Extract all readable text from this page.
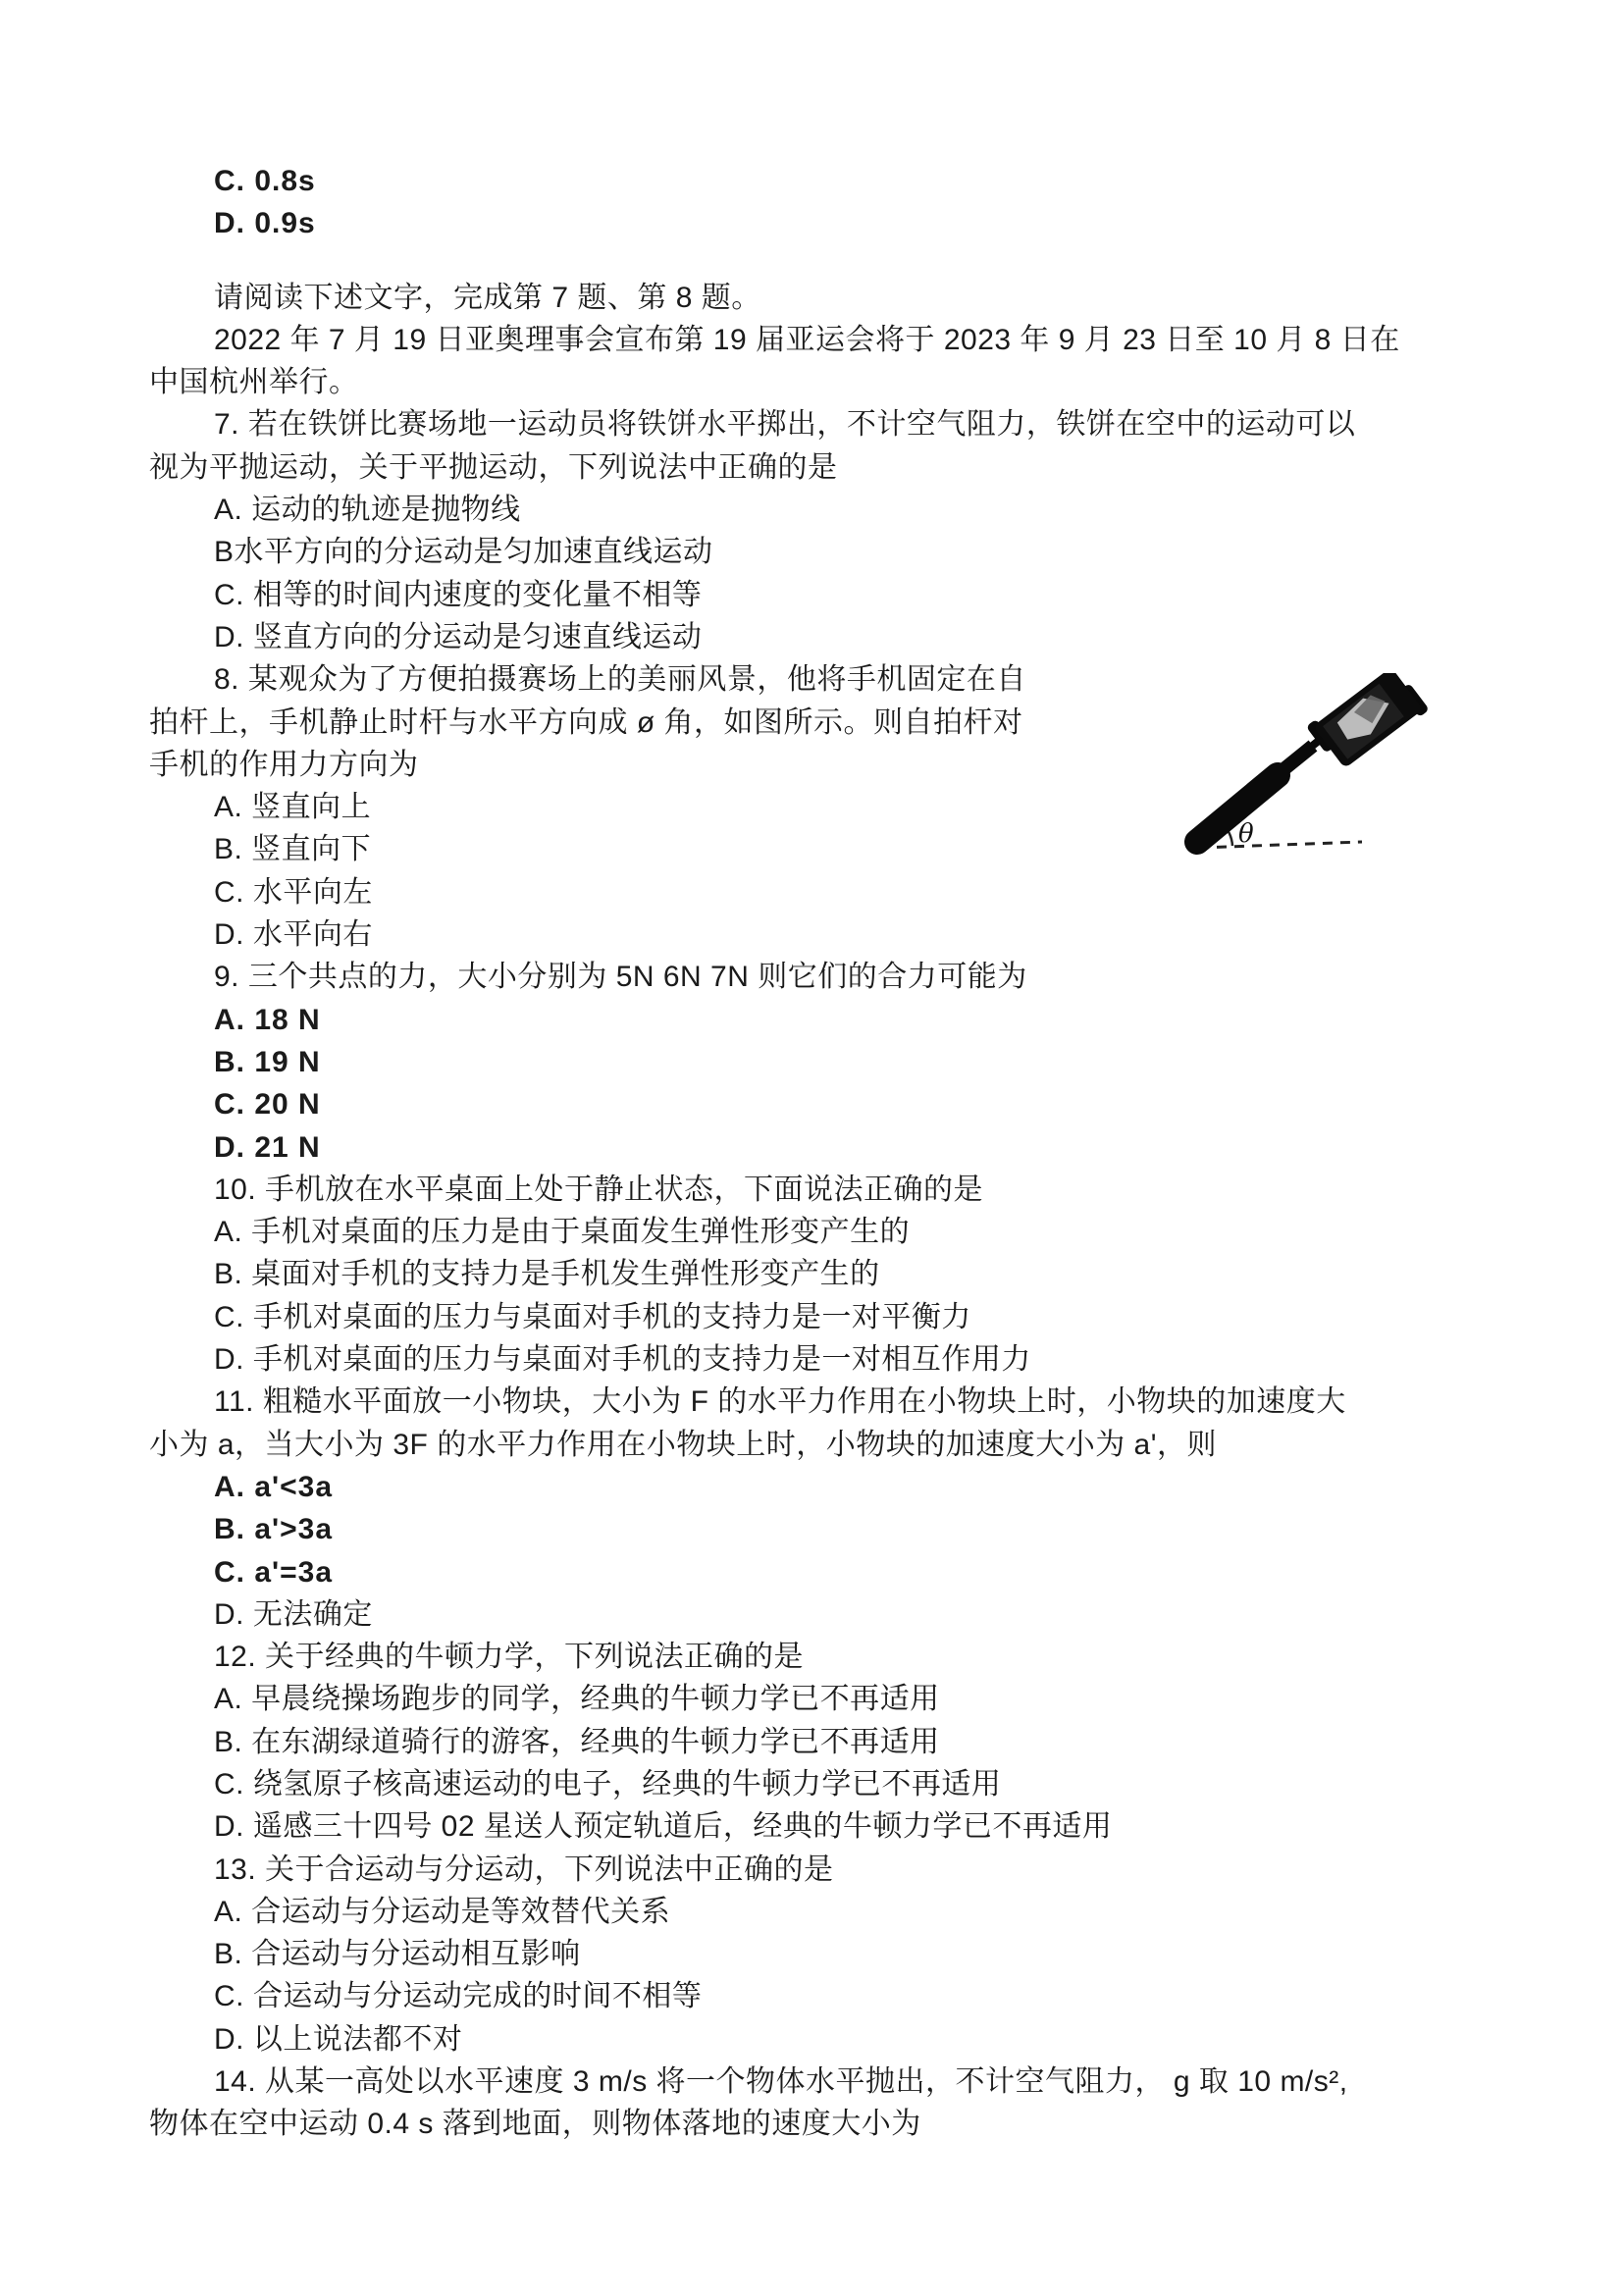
C. 0.8s
D. 0.9s
请阅读下述文字，完成第 7 题、第 8 题。
2022 年 7 月 19 日亚奥理事会宣布第 19 届亚运会将于 2023 年 9 月 23 日至 10 月 8 日在
中国杭州举行。
7. 若在铁饼比赛场地一运动员将铁饼水平掷出，不计空气阻力，铁饼在空中的运动可以
视为平抛运动，关于平抛运动，下列说法中正确的是
A. 运动的轨迹是抛物线
B水平方向的分运动是匀加速直线运动
C. 相等的时间内速度的变化量不相等
D. 竖直方向的分运动是匀速直线运动
8. 某观众为了方便拍摄赛场上的美丽风景，他将手机固定在自
拍杆上，手机静止时杆与水平方向成 ø 角，如图所示。则自拍杆对
手机的作用力方向为
A. 竖直向上
B. 竖直向下
C. 水平向左
D. 水平向右
9. 三个共点的力，大小分别为 5N 6N 7N 则它们的合力可能为
A. 18 N
B. 19 N
C. 20 N
D. 21 N
10. 手机放在水平桌面上处于静止状态，下面说法正确的是
A. 手机对桌面的压力是由于桌面发生弹性形变产生的
B. 桌面对手机的支持力是手机发生弹性形变产生的
C. 手机对桌面的压力与桌面对手机的支持力是一对平衡力
D. 手机对桌面的压力与桌面对手机的支持力是一对相互作用力
11. 粗糙水平面放一小物块，大小为 F 的水平力作用在小物块上时，小物块的加速度大
小为 a，当大小为 3F 的水平力作用在小物块上时，小物块的加速度大小为 a'，则
A. a'<3a
B. a'>3a
C. a'=3a
D. 无法确定
12. 关于经典的牛顿力学，下列说法正确的是
A. 早晨绕操场跑步的同学，经典的牛顿力学已不再适用
B. 在东湖绿道骑行的游客，经典的牛顿力学已不再适用
C. 绕氢原子核高速运动的电子，经典的牛顿力学已不再适用
D. 遥感三十四号 02 星送人预定轨道后，经典的牛顿力学已不再适用
13. 关于合运动与分运动，下列说法中正确的是
A. 合运动与分运动是等效替代关系
B. 合运动与分运动相互影响
C. 合运动与分运动完成的时间不相等
D. 以上说法都不对
14. 从某一高处以水平速度 3 m/s 将一个物体水平抛出，不计空气阻力， g 取 10 m/s²,
物体在空中运动 0.4 s 落到地面，则物体落地的速度大小为
θ
